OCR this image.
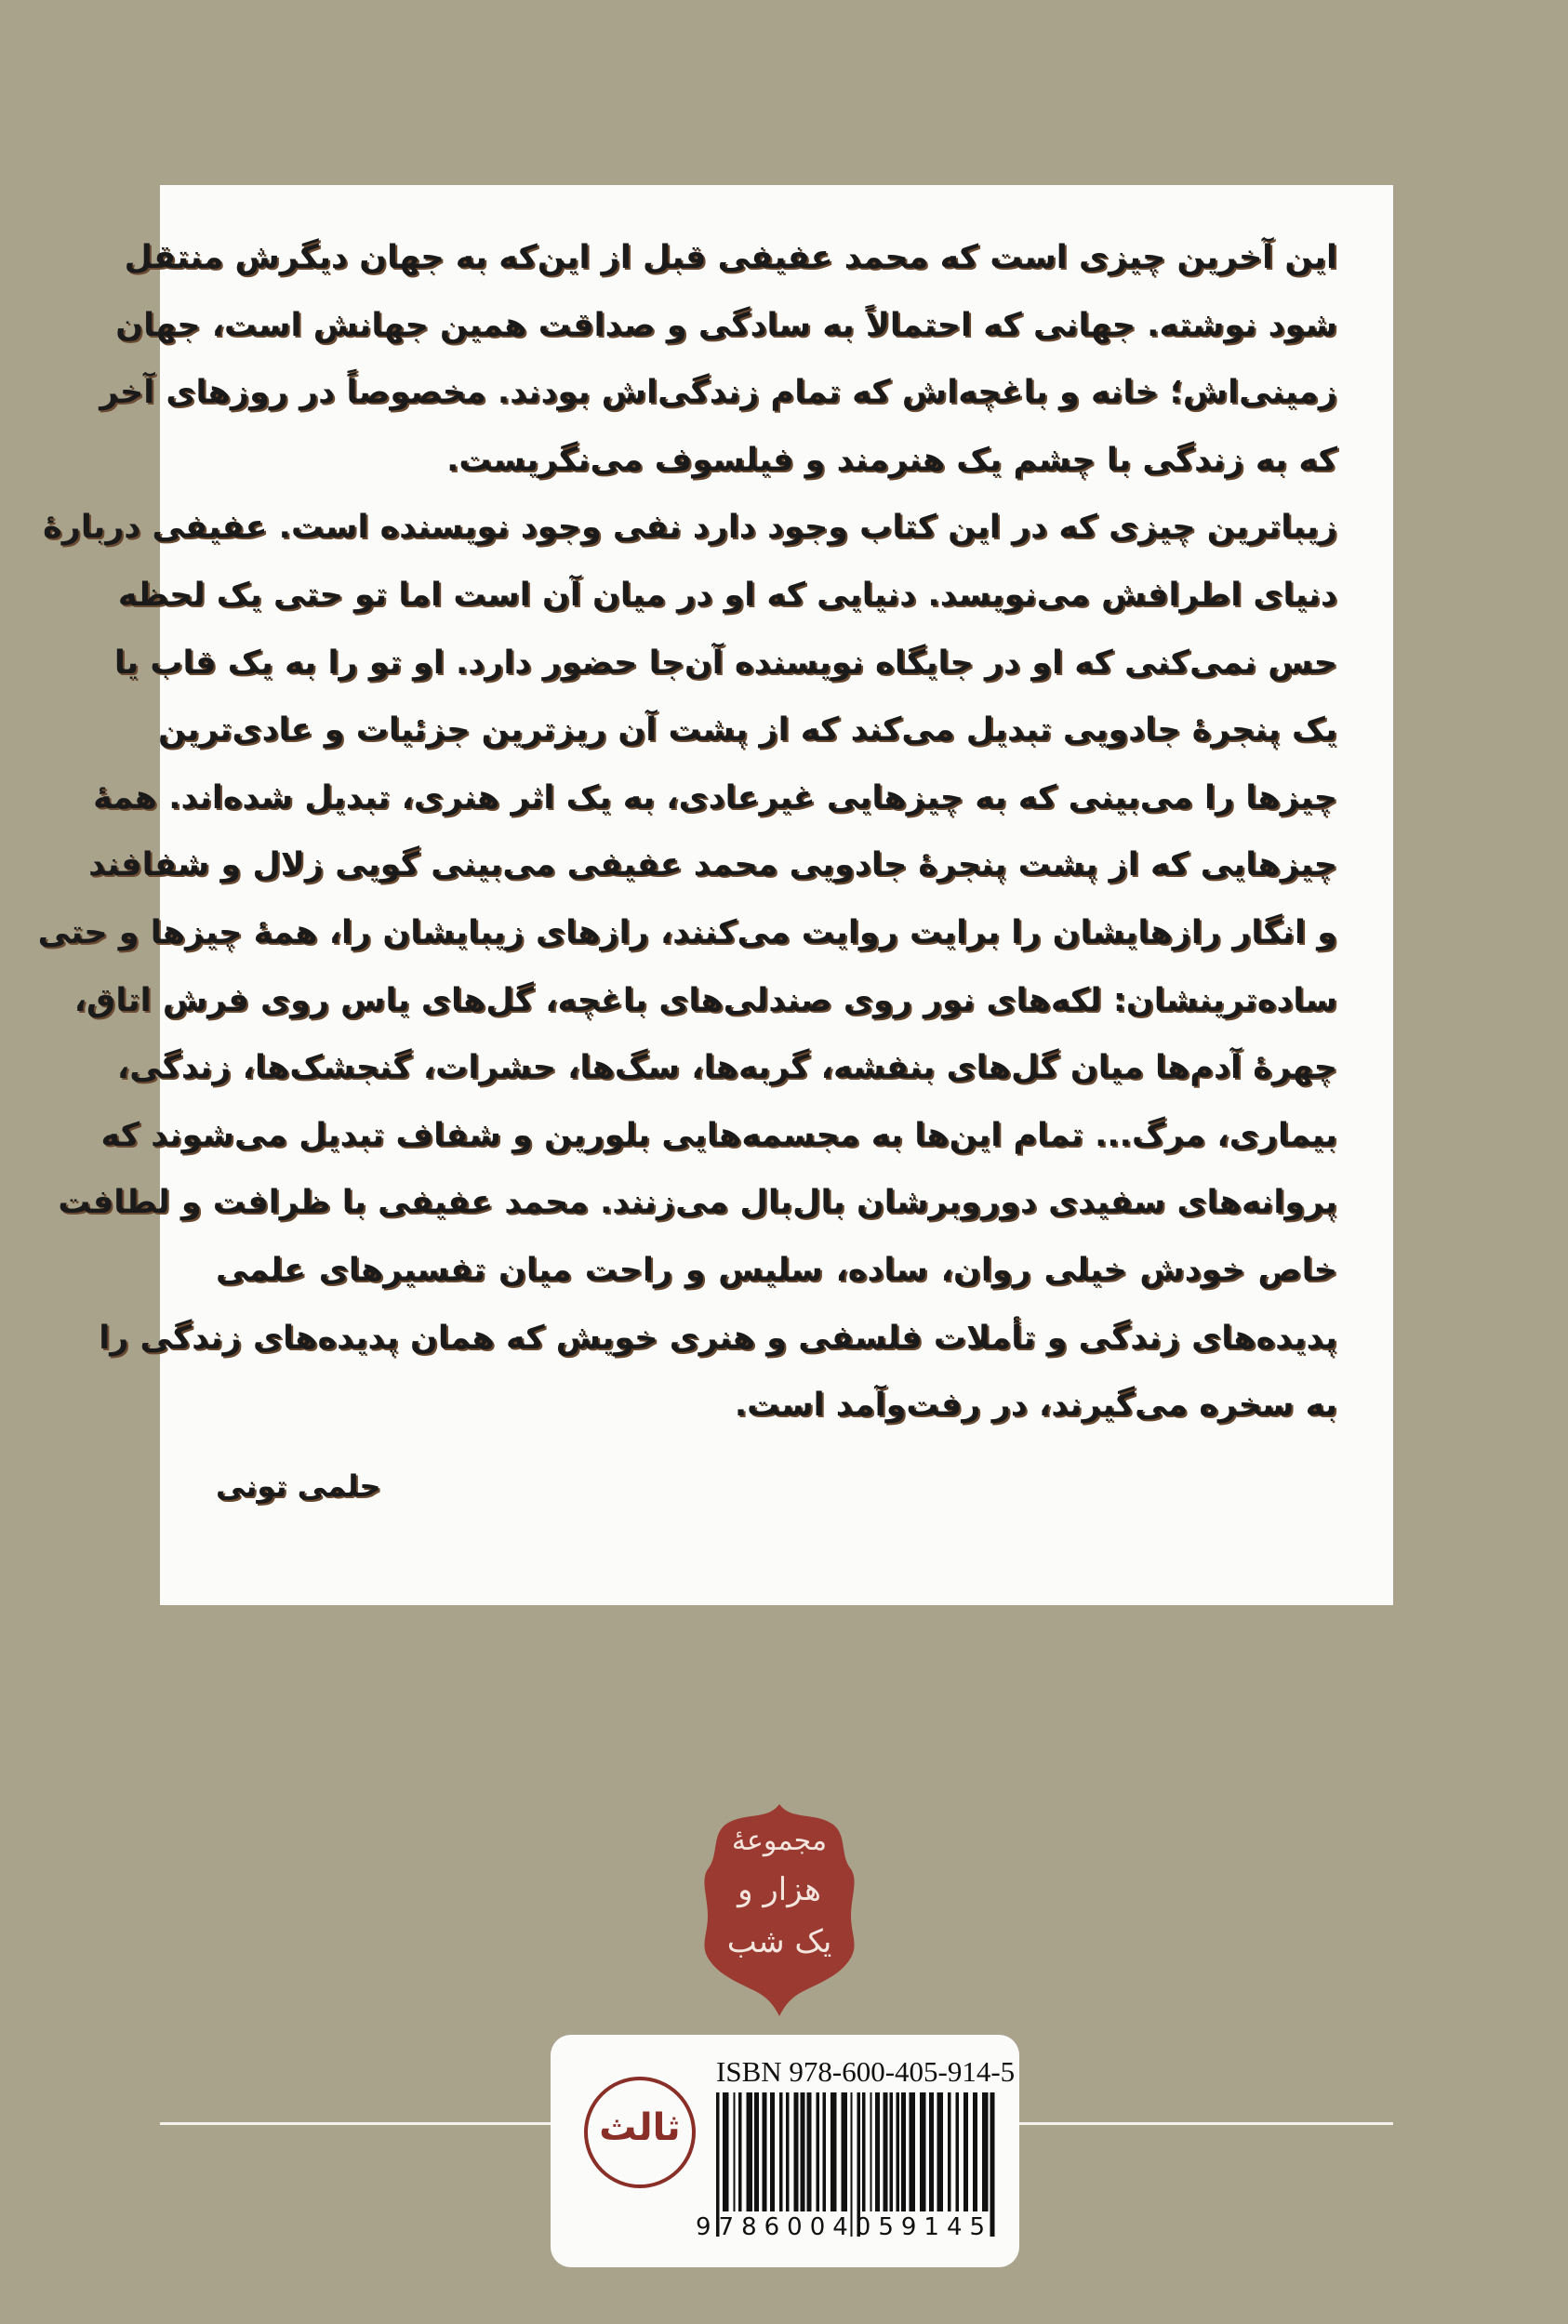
این آخرین چیزی است که محمد عفیفی قبل از این‌که به جهان دیگرش منتقل
شود نوشته. جهانی که احتمالاً به سادگی و صداقت همین جهانش است، جهان
زمینی‌اش؛ خانه و باغچه‌اش که تمام زندگی‌اش بودند. مخصوصاً در روزهای آخر
که به زندگی با چشم یک هنرمند و فیلسوف می‌نگریست.
زیباترین چیزی که در این کتاب وجود دارد نفی وجود نویسنده است. عفیفی دربارۀ
دنیای اطرافش می‌نویسد. دنیایی که او در میان آن است اما تو حتی یک لحظه
حس نمی‌کنی که او در جایگاه نویسنده آن‌جا حضور دارد. او تو را به یک قاب یا
یک پنجرۀ جادویی تبدیل می‌کند که از پشت آن ریزترین جزئیات و عادی‌ترین
چیزها را می‌بینی که به چیزهایی غیرعادی، به یک اثر هنری، تبدیل شده‌اند. همۀ
چیزهایی که از پشت پنجرۀ جادویی محمد عفیفی می‌بینی گویی زلال و شفافند
و انگار رازهایشان را برایت روایت می‌کنند، رازهای زیبایشان را، همۀ چیزها و حتی
ساده‌ترینشان: لکه‌های نور روی صندلی‌های باغچه، گل‌های یاس روی فرش اتاق،
چهرۀ آدم‌ها میان گل‌های بنفشه، گربه‌ها، سگ‌ها، حشرات، گنجشک‌ها، زندگی،
بیماری، مرگ... تمام این‌ها به مجسمه‌هایی بلورین و شفاف تبدیل می‌شوند که
پروانه‌های سفیدی دوروبرشان بال‌بال می‌زنند. محمد عفیفی با ظرافت و لطافت
خاص خودش خیلی روان، ساده، سلیس و راحت میان تفسیرهای علمی
پدیده‌های زندگی و تأملات فلسفی و هنری خویش که همان پدیده‌های زندگی را
به سخره می‌گیرند، در رفت‌وآمد است.
حلمی تونی
مجموعۀ
هزار و
یک شب
ثالث
ISBN 978-600-405-914-5
9786004059145
